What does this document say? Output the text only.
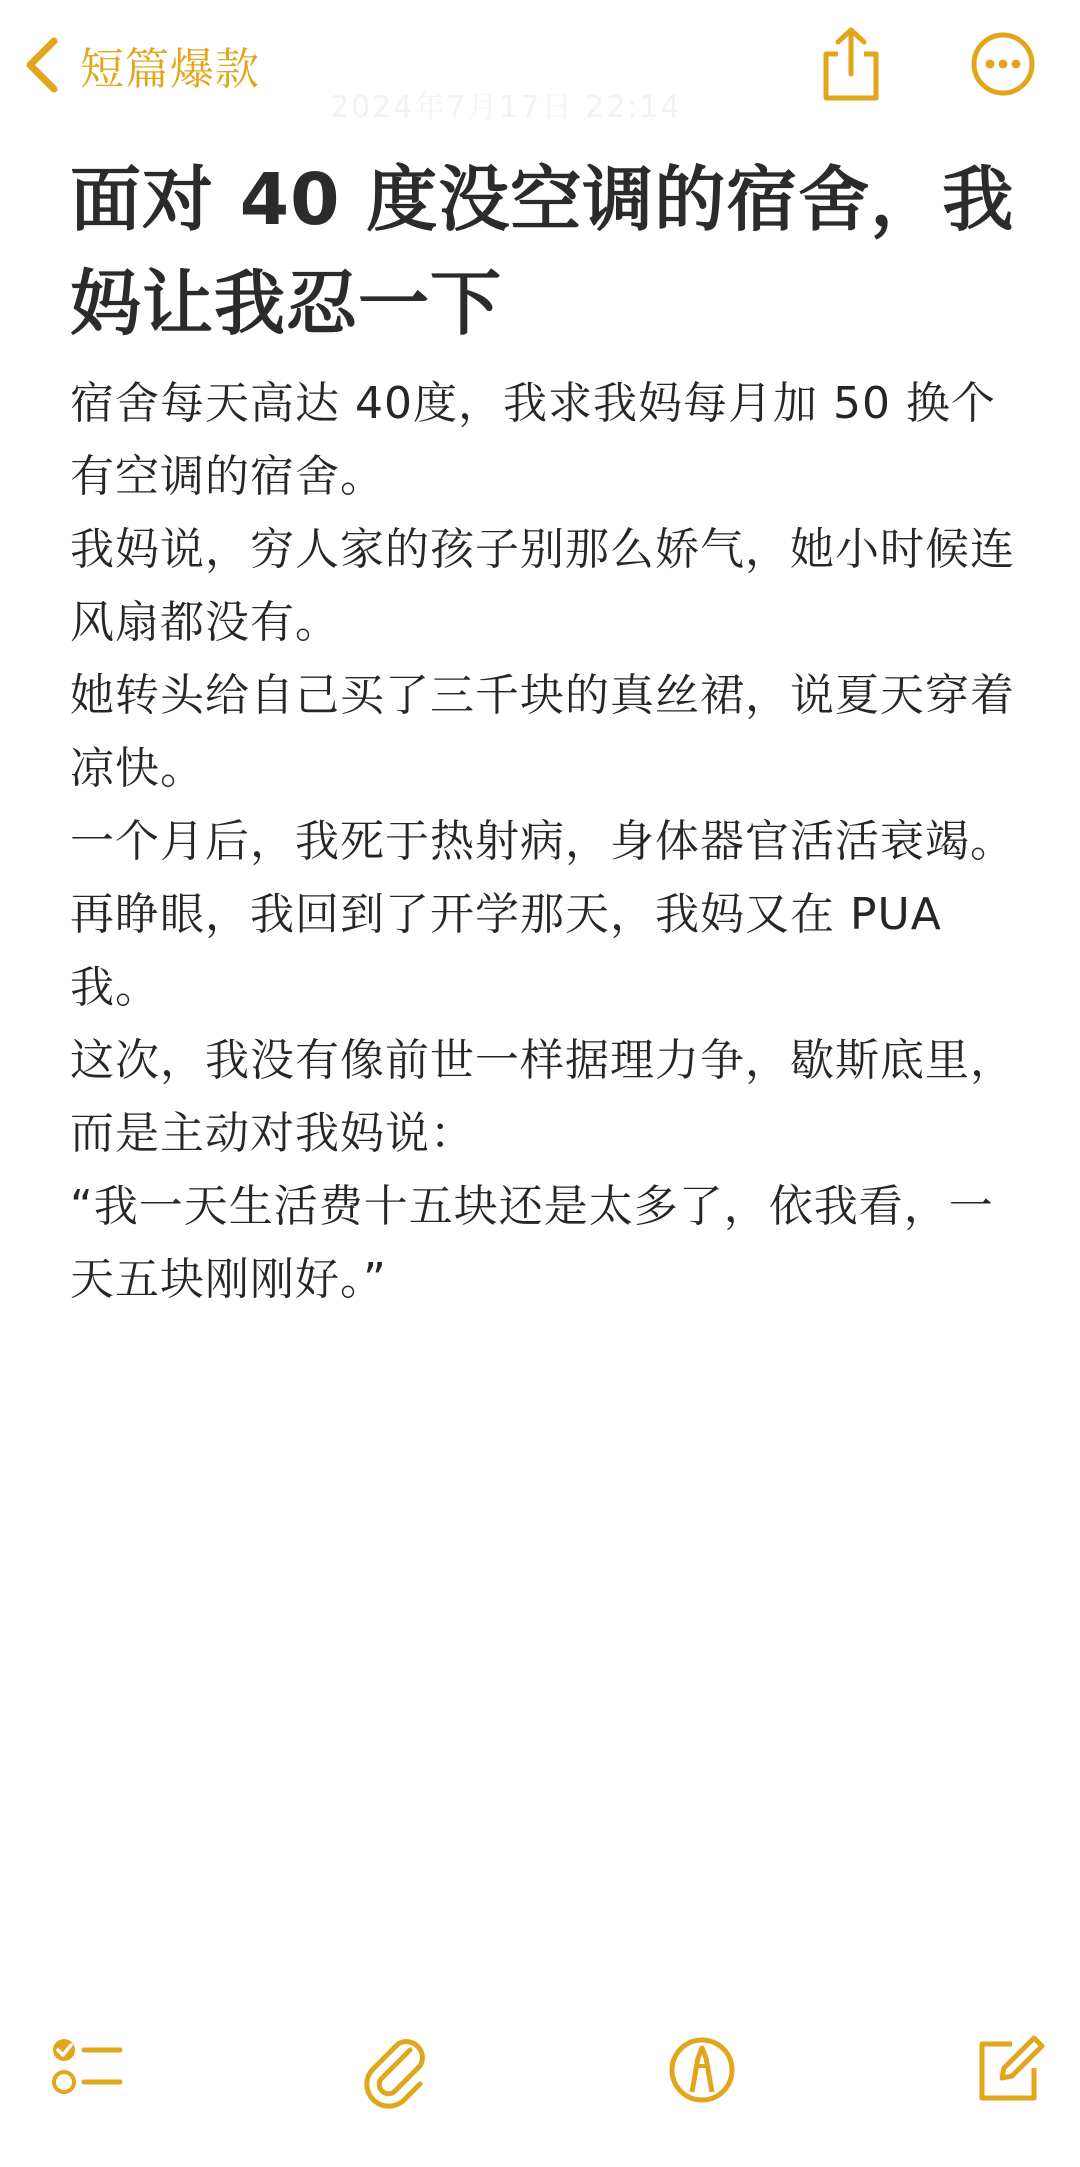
短篇爆款
2024年7月17日 22:14
面对 40 度没空调的宿舍，我妈让我忍一下

宿舍每天高达 40度，我求我妈每月加 50 换个有空调的宿舍。

我妈说，穷人家的孩子别那么娇气，她小时候连风扇都没有。

她转头给自己买了三千块的真丝裙，说夏天穿着凉快。

一个月后，我死于热射病，身体器官活活衰竭。

再睁眼，我回到了开学那天，我妈又在 PUA 我。

这次，我没有像前世一样据理力争，歇斯底里，而是主动对我妈说：

“我一天生活费十五块还是太多了，依我看，一天五块刚刚好。”
